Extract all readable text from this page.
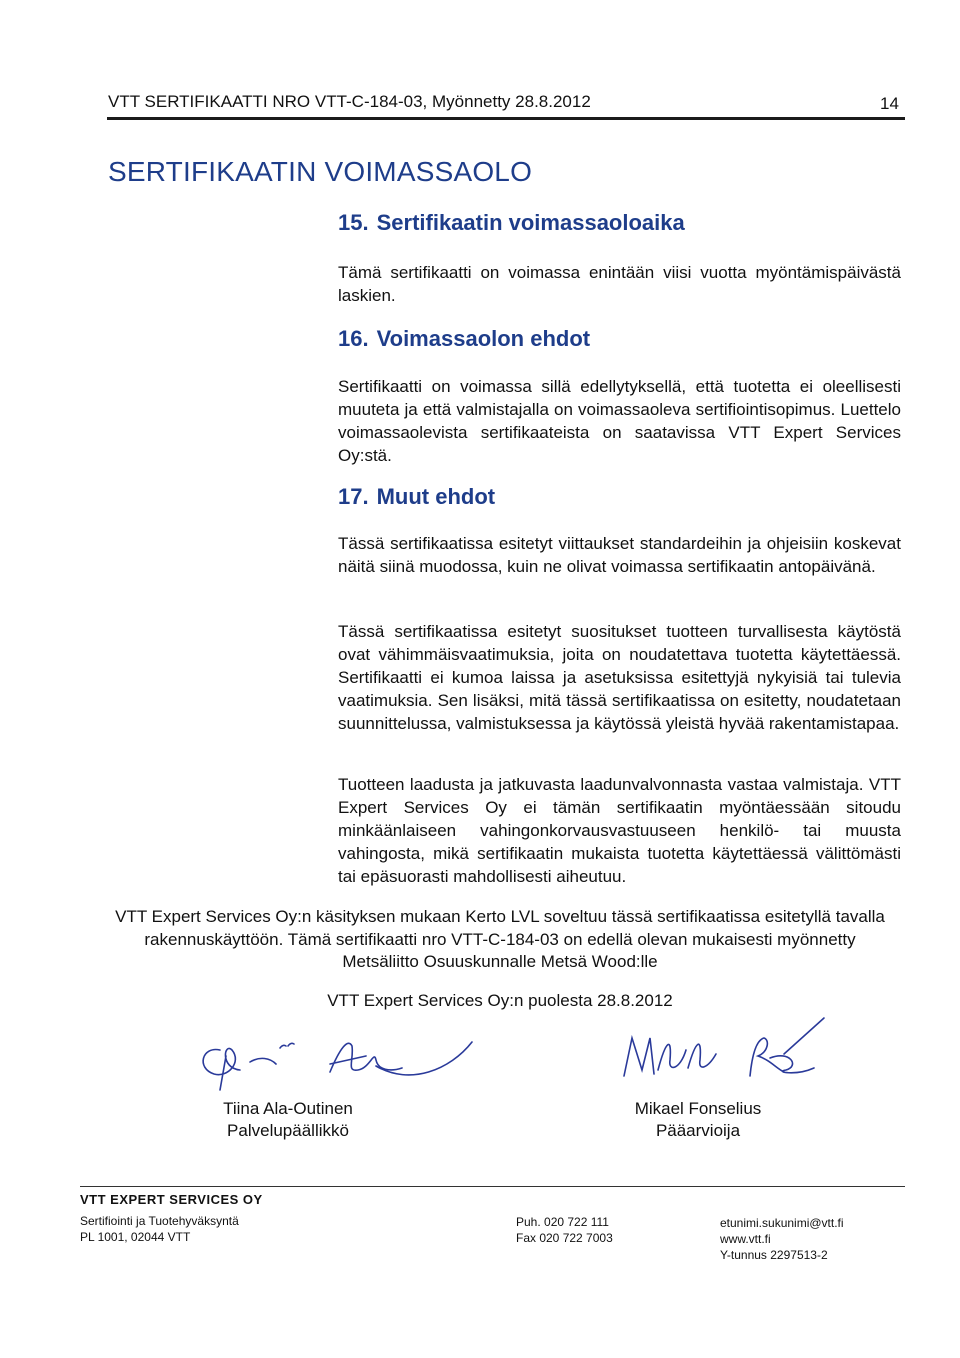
VTT SERTIFIKAATTI NRO VTT-C-184-03, Myönnetty 28.8.2012	14
SERTIFIKAATIN VOIMASSAOLO
15. Sertifikaatin voimassaoloaika
Tämä sertifikaatti on voimassa enintään viisi vuotta myöntämispäivästä laskien.
16. Voimassaolon ehdot
Sertifikaatti on voimassa sillä edellytyksellä, että tuotetta ei oleellisesti muuteta ja että valmistajalla on voimassaoleva sertifiointisopimus. Luettelo voimassaolevista sertifikaateista on saatavissa VTT Expert Services Oy:stä.
17. Muut ehdot
Tässä sertifikaatissa esitetyt viittaukset standardeihin ja ohjeisiin koskevat näitä siinä muodossa, kuin ne olivat voimassa sertifikaatin antopäivänä.
Tässä sertifikaatissa esitetyt suositukset tuotteen turvallisesta käytöstä ovat vähimmäisvaatimuksia, joita on noudatettava tuotetta käytettäessä. Sertifikaatti ei kumoa laissa ja asetuksissa esitettyjä nykyisiä tai tulevia vaatimuksia. Sen lisäksi, mitä tässä sertifikaatissa on esitetty, noudatetaan suunnittelussa, valmistuksessa ja käytössä yleistä hyvää rakentamistapaa.
Tuotteen laadusta ja jatkuvasta laadunvalvonnasta vastaa valmistaja. VTT Expert Services Oy ei tämän sertifikaatin myöntäessään sitoudu minkäänlaiseen vahingonkorvausvastuuseen henkilö- tai muusta vahingosta, mikä sertifikaatin mukaista tuotetta käytettäessä välittömästi tai epäsuorasti mahdollisesti aiheutuu.
VTT Expert Services Oy:n käsityksen mukaan Kerto LVL soveltuu tässä sertifikaatissa esitetyllä tavalla
rakennuskäyttöön. Tämä sertifikaatti nro VTT-C-184-03 on edellä olevan mukaisesti myönnetty
Metsäliitto Osuuskunnalle Metsä Wood:lle
VTT Expert Services Oy:n puolesta 28.8.2012
Tiina Ala-Outinen
Palvelupäällikkö
Mikael Fonselius
Pääarvioija
VTT EXPERT SERVICES OY
Sertifiointi ja Tuotehyväksyntä
PL 1001, 02044 VTT
Puh. 020 722 111
Fax 020 722 7003
etunimi.sukunimi@vtt.fi
www.vtt.fi
Y-tunnus 2297513-2
